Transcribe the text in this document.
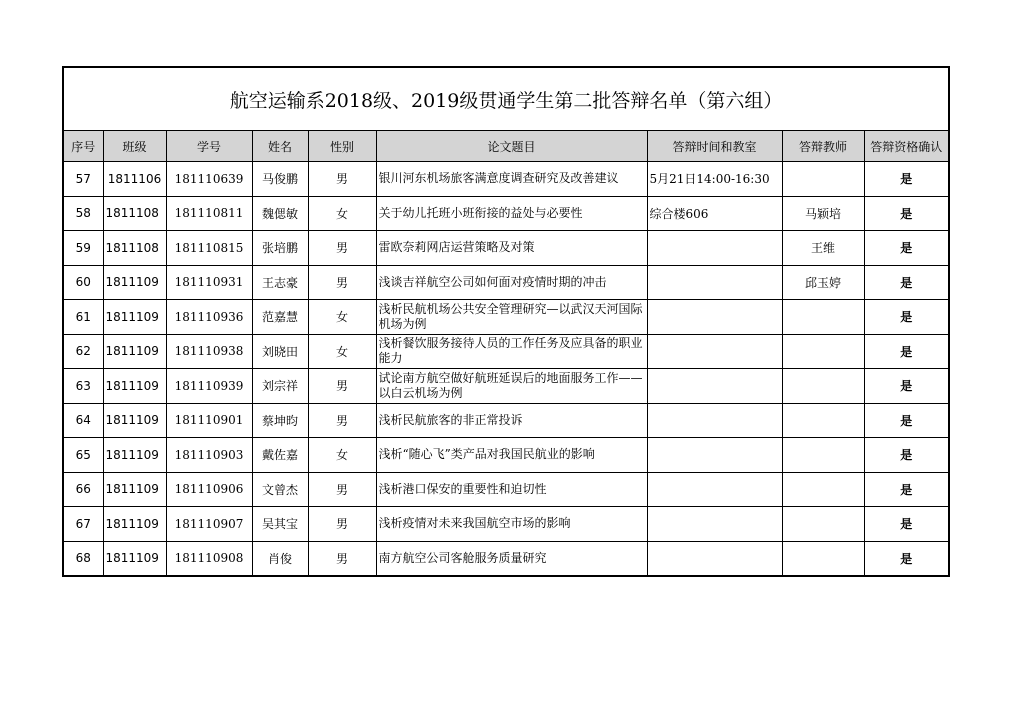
航空运输系2018级、2019级贯通学生第二批答辩名单（第六组）								
序号	班级	学号	姓名	性别	论文题目	答辩时间和教室	答辩教师	答辩资格确认
57	1811106	181110639	马俊鹏	男	银川河东机场旅客满意度调查研究及改善建议	5月21日14:00-16:30		是
58	1811108	181110811	魏偲敏	女	关于幼儿托班小班衔接的益处与必要性	综合楼606	马颖培	是
59	1811108	181110815	张培鹏	男	雷欧奈莉网店运营策略及对策		王维	是
60	1811109	181110931	王志豪	男	浅谈吉祥航空公司如何面对疫情时期的冲击		邱玉婷	是
61	1811109	181110936	范嘉慧	女	浅析民航机场公共安全管理研究—以武汉天河国际机场为例			是
62	1811109	181110938	刘晓田	女	浅析餐饮服务接待人员的工作任务及应具备的职业能力			是
63	1811109	181110939	刘宗祥	男	试论南方航空做好航班延误后的地面服务工作——以白云机场为例			是
64	1811109	181110901	蔡坤昀	男	浅析民航旅客的非正常投诉			是
65	1811109	181110903	戴佐嘉	女	浅析“随心飞”类产品对我国民航业的影响			是
66	1811109	181110906	文曾杰	男	浅析港口保安的重要性和迫切性			是
67	1811109	181110907	吴其宝	男	浅析疫情对未来我国航空市场的影响			是
68	1811109	181110908	肖俊	男	南方航空公司客舱服务质量研究			是
